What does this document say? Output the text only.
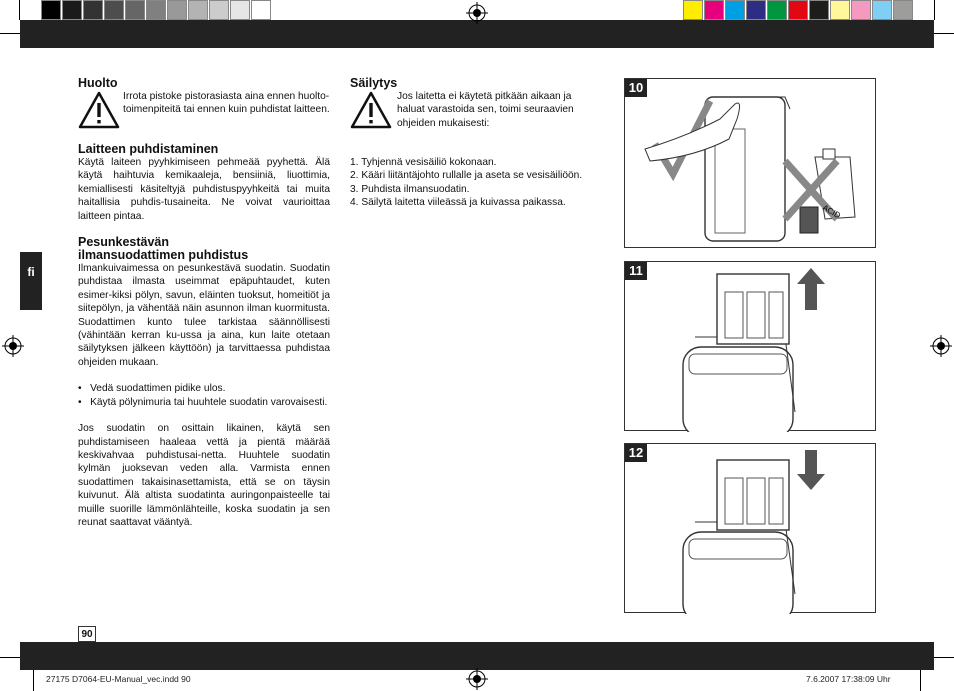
fi
Huolto

Irrota pistoke pistorasiasta aina ennen huolto-toimenpiteitä tai ennen kuin puhdistat laitteen.

Laitteen puhdistaminen

Käytä laiteen pyyhkimiseen pehmeää pyyhettä. Älä käytä haihtuvia kemikaaleja, bensiiniä, liuottimia, kemiallisesti käsiteltyjä puhdistuspyyhkeitä tai muita haitallisia puhdis-tusaineita. Ne voivat vaurioittaa laitteen pintaa.

Pesunkestävän ilmansuodattimen puhdistus

Ilmankuivaimessa on pesunkestävä suodatin. Suodatin puhdistaa ilmasta useimmat epäpuhtaudet, kuten esimer-kiksi pölyn, savun, eläinten tuoksut, homeitiöt ja siitepölyn, ja vähentää näin asunnon ilman kuormitusta. Suodattimen kunto tulee tarkistaa säännöllisesti (vähintään kerran ku-ussa ja aina, kun laite otetaan säilytyksen jälkeen käyttöön) ja tarvittaessa puhdistaa ohjeiden mukaan.

•   Vedä suodattimen pidike ulos.

•   Käytä pölynimuria tai huuhtele suodatin varovaisesti.

Jos suodatin on osittain likainen, käytä sen puhdistamiseen haaleaa vettä ja pientä määrää keskivahvaa puhdistusai-netta. Huuhtele suodatin kylmän juoksevan veden alla. Varmista ennen suodattimen takaisinasettamista, että se on täysin kuivunut. Älä altista suodatinta auringonpaisteelle tai muille suorille lämmönlähteille, koska suodatin ja sen reunat saattavat vääntyä.

Säilytys

Jos laitetta ei käytetä pitkään aikaan ja haluat varastoida sen, toimi seuraavien ohjeiden mukaisesti:

1. Tyhjennä vesisäiliö kokonaan.

2. Kääri liitäntäjohto rullalle ja aseta se vesisäiliöön.

3. Puhdista ilmansuodatin.

4. Säilytä laitetta viileässä ja kuivassa paikassa.

ACID
10
11
12
90
27175 D7064-EU-Manual_vec.indd 90	7.6.2007 17:38:09 Uhr
